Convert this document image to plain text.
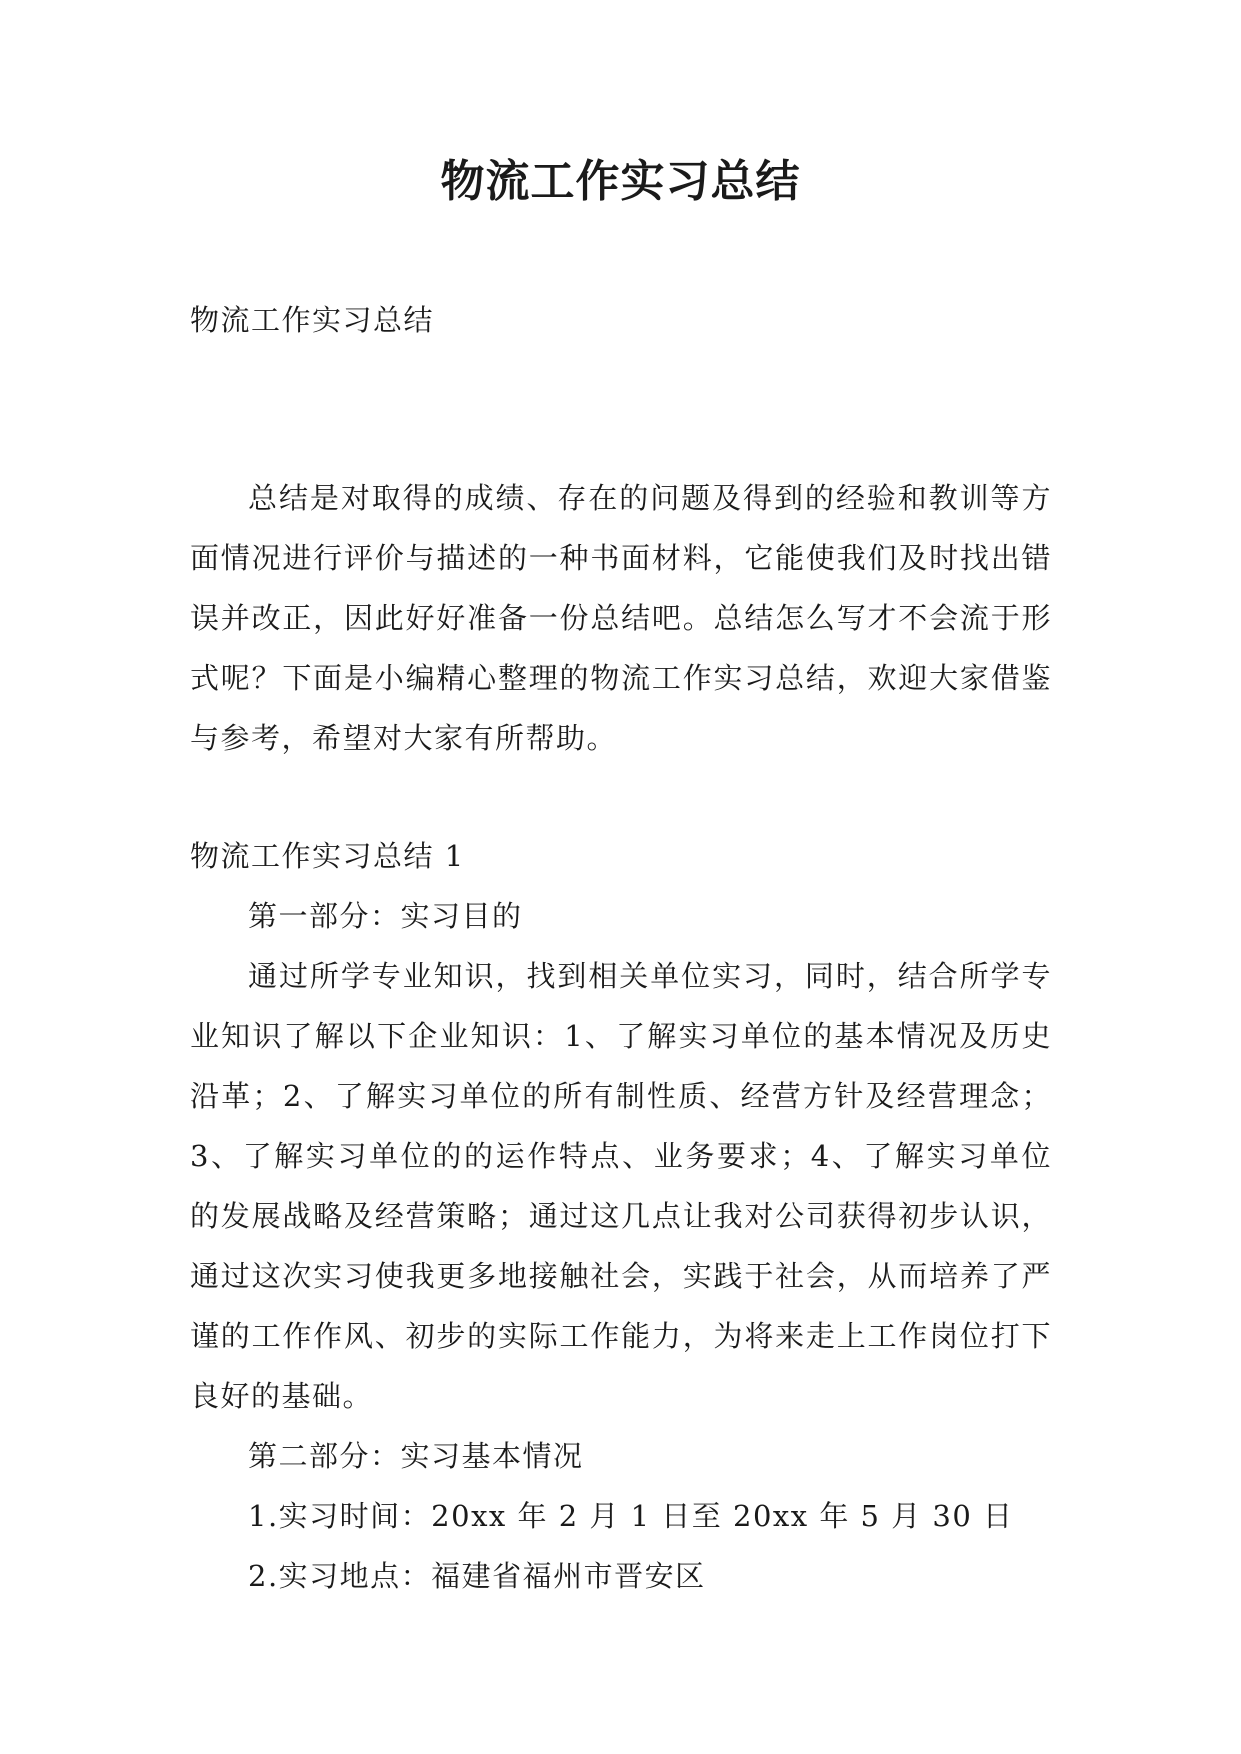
物流工作实习总结

物流工作实习总结

总结是对取得的成绩、存在的问题及得到的经验和教训等方面情况进行评价与描述的一种书面材料，它能使我们及时找出错误并改正，因此好好准备一份总结吧。总结怎么写才不会流于形式呢？下面是小编精心整理的物流工作实习总结，欢迎大家借鉴与参考，希望对大家有所帮助。

物流工作实习总结 1

第一部分：实习目的

通过所学专业知识，找到相关单位实习，同时，结合所学专业知识了解以下企业知识：1、了解实习单位的基本情况及历史沿革；2、了解实习单位的所有制性质、经营方针及经营理念；3、了解实习单位的的运作特点、业务要求；4、了解实习单位的发展战略及经营策略；通过这几点让我对公司获得初步认识，通过这次实习使我更多地接触社会，实践于社会，从而培养了严谨的工作作风、初步的实际工作能力，为将来走上工作岗位打下良好的基础。

第二部分：实习基本情况

1.实习时间：20xx 年 2 月 1 日至 20xx 年 5 月 30 日

2.实习地点：福建省福州市晋安区
